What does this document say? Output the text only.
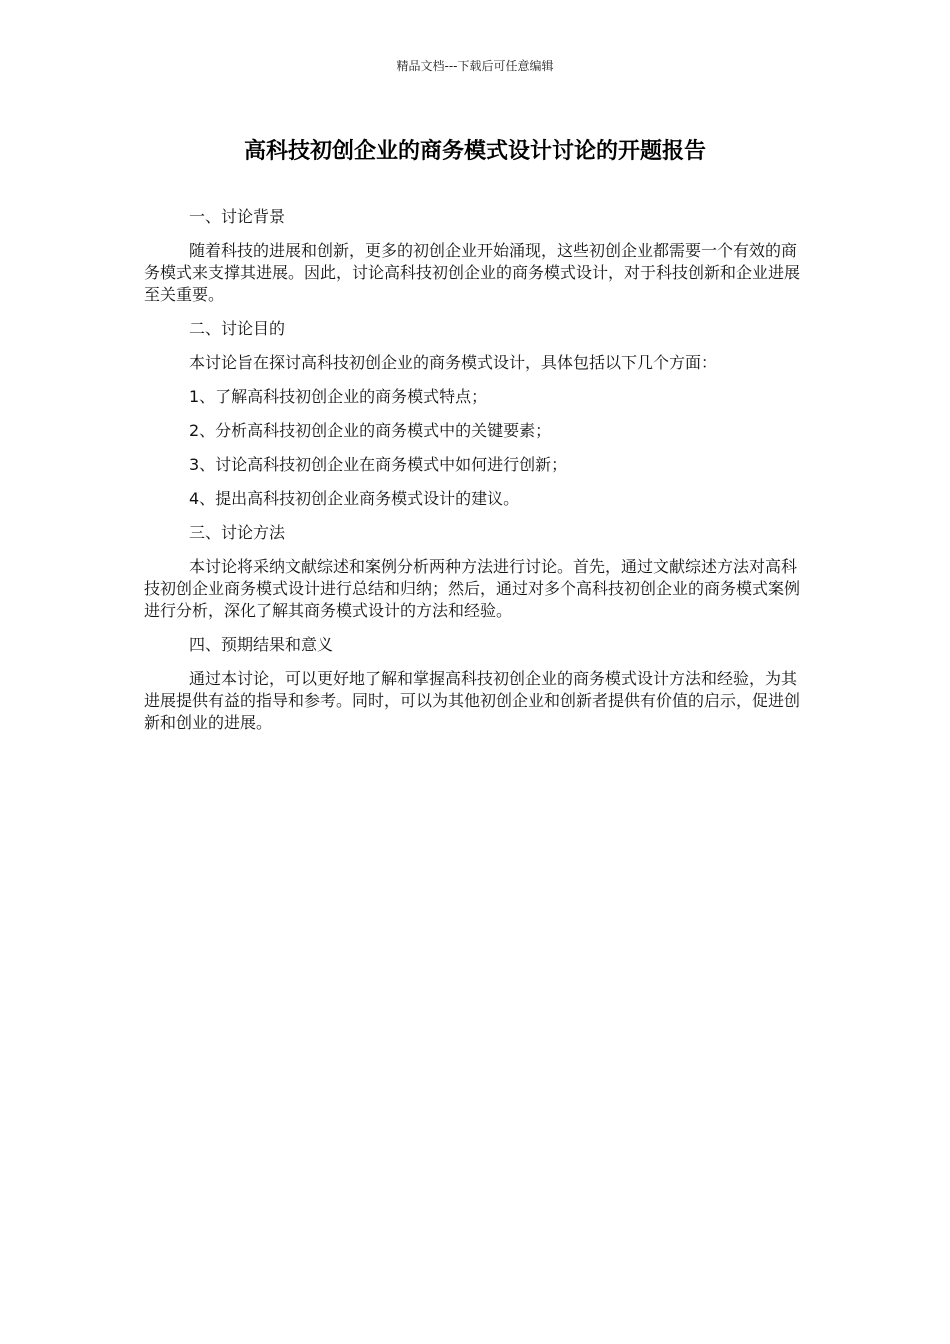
精品文档---下载后可任意编辑
高科技初创企业的商务模式设计讨论的开题报告

一、讨论背景

随着科技的进展和创新，更多的初创企业开始涌现，这些初创企业都需要一个有效的商务模式来支撑其进展。因此，讨论高科技初创企业的商务模式设计，对于科技创新和企业进展至关重要。

二、讨论目的

本讨论旨在探讨高科技初创企业的商务模式设计，具体包括以下几个方面：

1、了解高科技初创企业的商务模式特点；

2、分析高科技初创企业的商务模式中的关键要素；

3、讨论高科技初创企业在商务模式中如何进行创新；

4、提出高科技初创企业商务模式设计的建议。

三、讨论方法

本讨论将采纳文献综述和案例分析两种方法进行讨论。首先，通过文献综述方法对高科技初创企业商务模式设计进行总结和归纳；然后，通过对多个高科技初创企业的商务模式案例进行分析，深化了解其商务模式设计的方法和经验。

四、预期结果和意义

通过本讨论，可以更好地了解和掌握高科技初创企业的商务模式设计方法和经验，为其进展提供有益的指导和参考。同时，可以为其他初创企业和创新者提供有价值的启示，促进创新和创业的进展。
